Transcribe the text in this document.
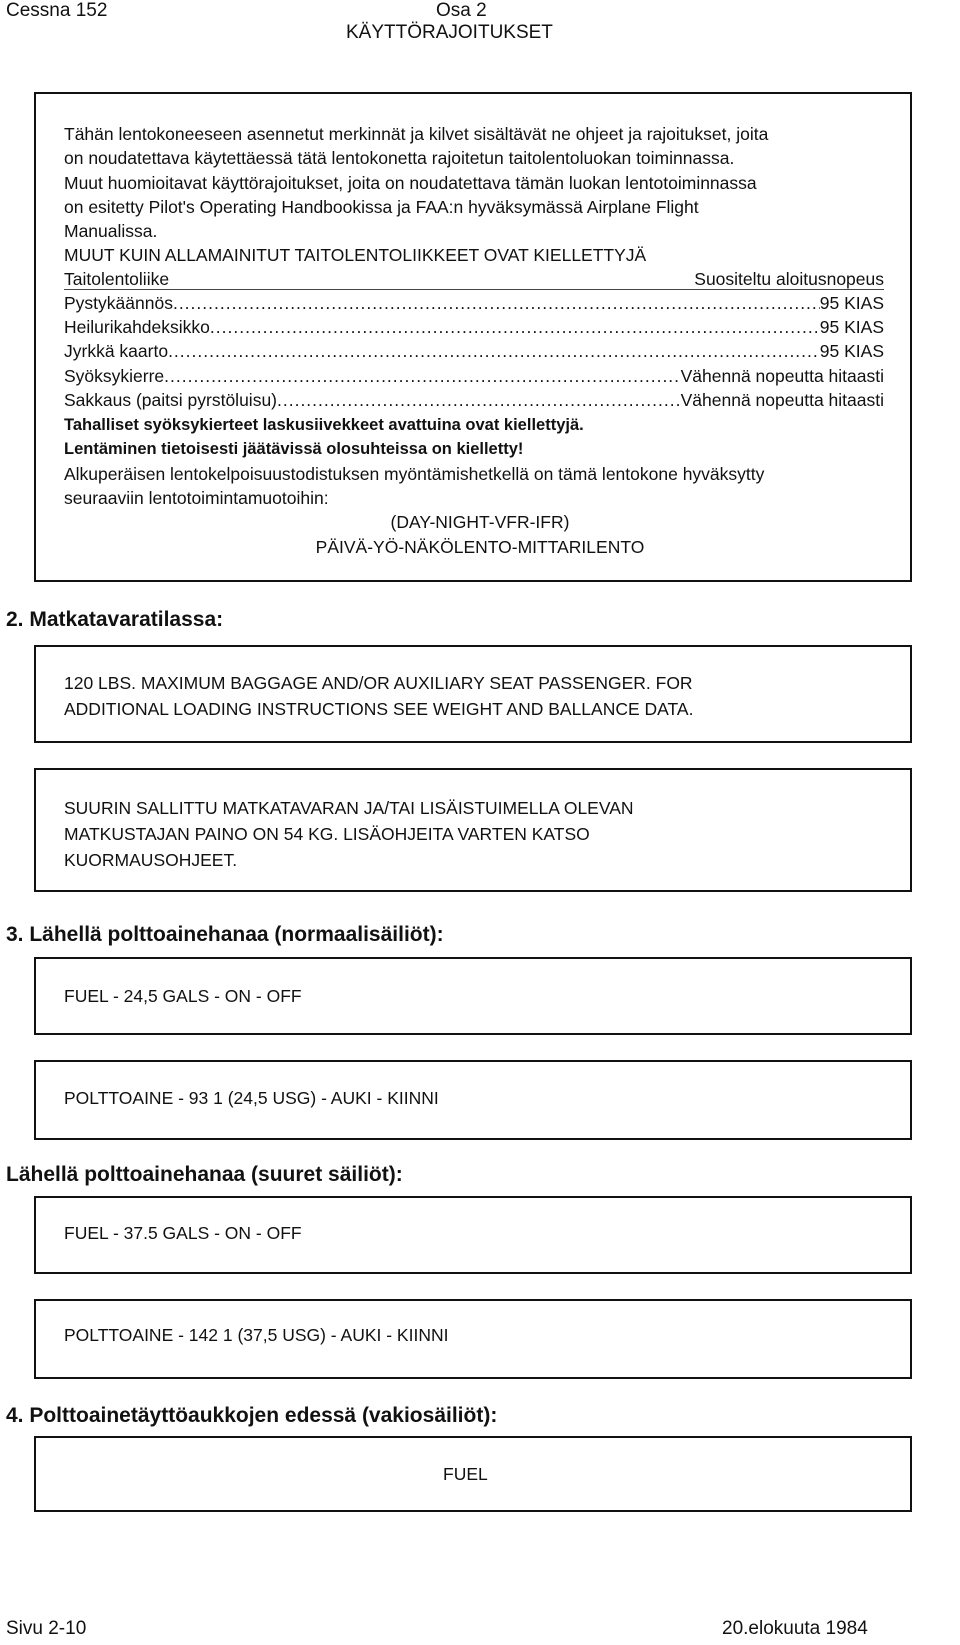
Cessna 152	Osa 2
KÄYTTÖRAJOITUKSET
Tähän lentokoneeseen asennetut merkinnät ja kilvet sisältävät ne ohjeet ja rajoitukset, joita
on noudatettava käytettäessä tätä lentokonetta rajoitetun taitolentoluokan toiminnassa.
Muut huomioitavat käyttörajoitukset, joita on noudatettava tämän luokan lentotoiminnassa
on esitetty Pilot's Operating Handbookissa ja FAA:n hyväksymässä Airplane Flight
Manualissa.
MUUT KUIN ALLAMAINITUT TAITOLENTOLIIKKEET OVAT KIELLETTYJÄ
Taitolentoliike	Suositeltu aloitusnopeus
Pystykäännös .....	95 KIAS
Heilurikahdeksikko .....	95 KIAS
Jyrkkä kaarto .....	95 KIAS
Syöksykierre .....	Vähennä nopeutta hitaasti
Sakkaus (paitsi pyrstöluisu) .....	Vähennä nopeutta hitaasti
Tahalliset syöksykierteet laskusiivekkeet avattuina ovat kiellettyjä.
Lentäminen tietoisesti jäätävissä olosuhteissa on kielletty!
Alkuperäisen lentokelpoisuustodistuksen myöntämishetkellä on tämä lentokone hyväksytty
seuraaviin lentotoimintamuotoihin:
(DAY-NIGHT-VFR-IFR)
PÄIVÄ-YÖ-NÄKÖLENTO-MITTARILENTO
2. Matkatavaratilassa:
120 LBS. MAXIMUM BAGGAGE AND/OR AUXILIARY SEAT PASSENGER. FOR
ADDITIONAL LOADING INSTRUCTIONS SEE WEIGHT AND BALLANCE DATA.
SUURIN SALLITTU MATKATAVARAN JA/TAI LISÄISTUIMELLA OLEVAN
MATKUSTAJAN PAINO ON 54 KG. LISÄOHJEITA VARTEN KATSO
KUORMAUSOHJEET.
3. Lähellä polttoainehanaa (normaalisäiliöt):
FUEL - 24,5 GALS - ON - OFF
POLTTOAINE - 93 1 (24,5 USG) - AUKI - KIINNI
Lähellä polttoainehanaa (suuret säiliöt):
FUEL - 37.5 GALS - ON - OFF
POLTTOAINE - 142 1 (37,5 USG) - AUKI - KIINNI
4. Polttoainetäyttöaukkojen edessä (vakiosäiliöt):
FUEL
Sivu 2-10	20.elokuuta 1984
